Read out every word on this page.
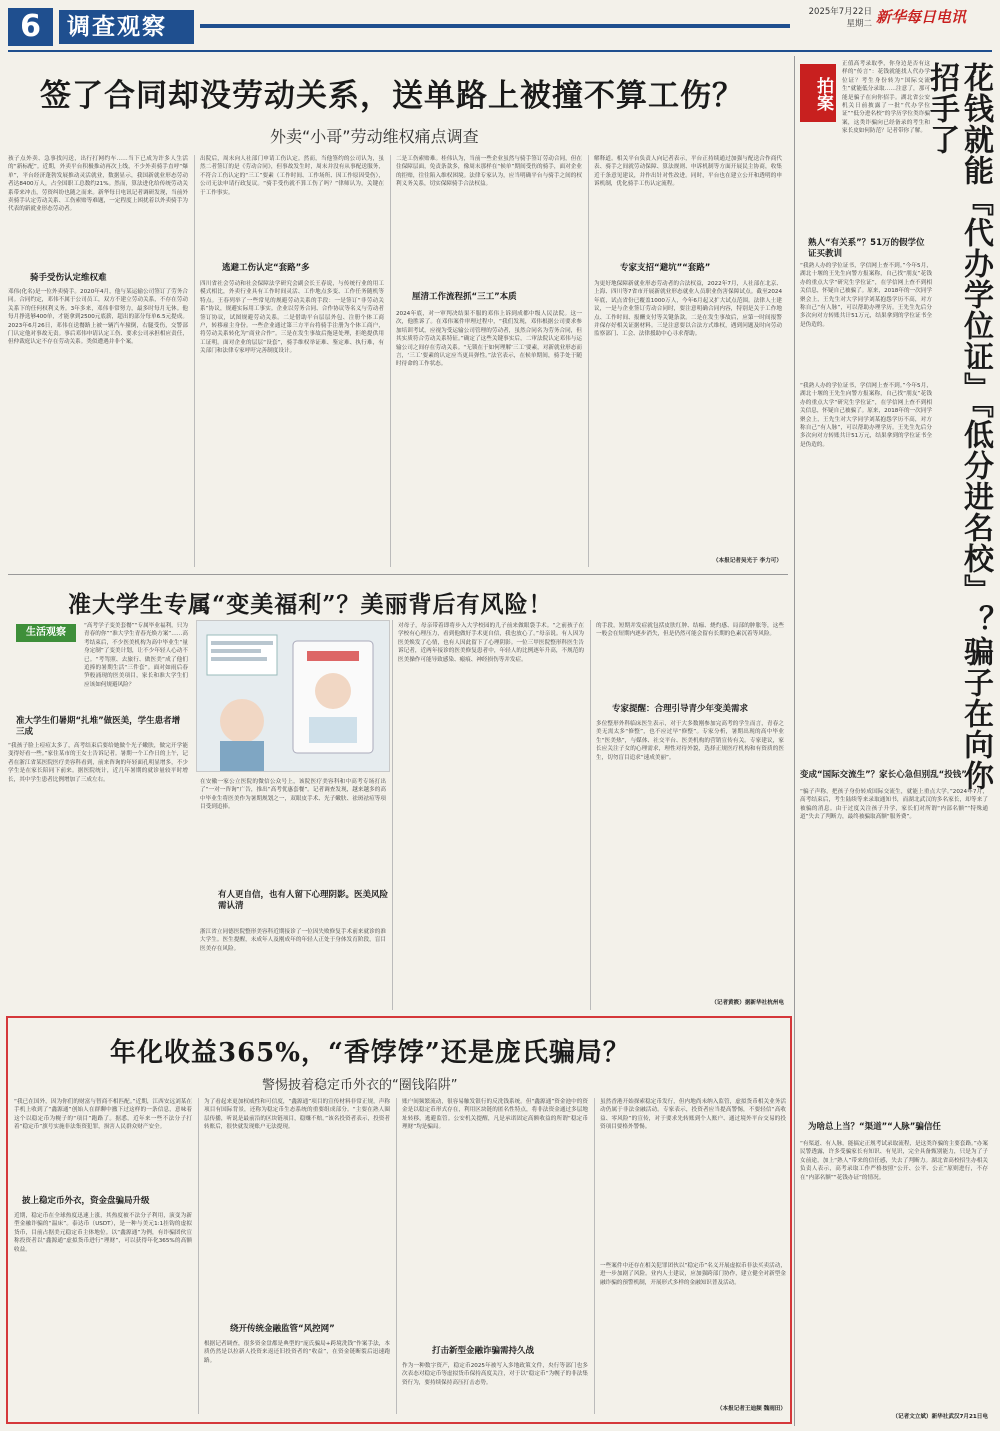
6	调查观察
2025年7月22日
星期二 新华每日电讯
签了合同却没劳动关系，送单路上被撞不算工伤？
外卖“小哥”劳动维权痛点调查
孩子点外卖、急事找闪送，出行打网约车……当下已成为许多人生活的“新标配”。近期，外卖平台积极推动再次上线，不少外卖骑手直呼“爆单”，平台经济蓬勃发展推动灵活就业，数据显示，我国新就业形态劳动者达8400万人，占全国职工总数约21%。然而，算法进化给传统劳动关系带来冲击，劳资纠纷也随之而来。新华每日电讯记者调研发现，当前外卖骑手认定劳动关系、工伤索赔等难题，一定程度上困扰着以外卖骑手为代表的新就业形态劳动者。
骑手受伤认定维权难
邓伟(化名)是一位外卖骑手。2020年4月，他与某运输公司签订了劳务合同。合同约定，邓伟不属于公司员工，双方不建立劳动关系，不存在劳动关系下的任何权利义务。3年多来，邓伟非常努力，最多时每月无休。他每月挣选够400单，才能拿到2500元底薪，超出的部分每单6.5元提成。2023年6月26日，邓伟在送餐路上被一辆汽车撞倒，右腿受伤，交警部门认定他对事故无责。事后邓伟申请认定工伤、要求公司承担相应责任，但仲裁庭认定不存在劳动关系。类似遭遇并非个案。
出院后，周末向人社部门申请工伤认定。然而，当他签约的公司认为，虽然二者签订的是《劳动合同》，但事故发生时，周末并没有从事配送服务，不符合工伤认定的“三工”要素（工作时间、工作场所、因工作原因受伤），公司无法申请行政复议。“骑手受伤就不算工伤了吗？”律师认为，关键在于工作事实。
逃避工伤认定“套路”多
四川省社会劳动和社会保障法学研究会副会长王春说，与传统行业的用工模式相比，外卖行业具有工作时间灵活、工作地点多变、工作任务随机等特点。王春列举了一些常见的规避劳动关系的手段：一是签订“非劳动关系”协议，规避实际用工事实。企业以劳务合同、合作协议等名义与劳动者签订协议，试图规避劳动关系。二是借助平台层层外包、注册个体工商户，转移雇主身份。一些企业通过第三方平台将骑手注册为个体工商户，将劳动关系转化为“商业合作”。三是在发生事故后拖延处理，拒绝提供用工证明。面对企业的层层“设套”，骑手维权举证难、鉴定难、执行难，有关部门和法律专家呼吁完善制度设计。
二是工伤索赔难。桂伟认为，当前一些企业虽然与骑手签订劳动合同，但在住保障层面，免责条款多，像周末那样在“候单”期间受伤的骑手，面对企业的拒赔，往往陷入维权困境。法律专家认为，应当明确平台与骑手之间的权利义务关系，切实保障骑手合法权益。
厘清工作流程抓“三工”本质
2024年底，对一审判决结果不服的邓伟上诉到成都中级人民法院。这一次，他胜诉了。在邓伟案件审理过程中，“我们发现，邓伟根据公司要求参加培训考试，应视为受运输公司管理的劳动者，虽然合同名为劳务合同，但其实质符合劳动关系特征。”确定了这些关键事实后，二审法院认定邓伟与运输公司之间存在劳动关系。“无锁在于如何理解‘三工’要素，对新就业形态而言，‘三工’要素的认定应当更具弹性。”法官表示，在候单期间，骑手处于随时待命的工作状态。
解释道。相关平台负责人向记者表示，平台正持续通过加强与配送合作商代表、骑手之间就劳动保障、算法规则、申诉机制等方面开展民主协商，收集近千条意见建议，并作出针对性改进。同时，平台也在建立公开和透明的申诉机制，优化骑手工伤认定流程。
专家支招“避坑”“套路”
为更好地保障新就业形态劳动者的合法权益，2022年7月，人社部在北京、上海、四川等7省市开展新就业形态就业人员职业伤害保障试点。截至2024年底，试点省份已覆盖1000万人，今年6月起又扩大试点范围。法律人士建议，一是与企业签订劳动合同时，要注意明确合同内容，特别是关于工作地点、工作时间、报酬支付等关键条款。二是在发生事故后，应第一时间报警并保存好相关证据材料。三是注意要以合法方式维权，遇到问题及时向劳动监察部门、工会、法律援助中心寻求帮助。
（本报记者吴光于 李力可）
准大学生专属“变美福利”？美丽背后有风险！
生活观察
“高考学子变美套餐”“专属毕业福利，只为青春的你”“准大学生青春光焕方案”……高考结束后，不少医美机构为高中毕业生“量身定制”了变美计划，让不少年轻人心动不已。“考驾照、去旅行、做医美”成了他们追捧的暑期生活“三件套”。面对如雨后春笋般涌现的医美项目，家长和准大学生们应该如何规避风险？
准大学生们暑期“扎堆”做医美，学生患者增三成
“我孩子脸上痘痘太多了，高考结束后要给她做个光子嫩肤，做完开学能变得好看一些。”家住某市的王女士告诉记者。暑期一个工作日的上午，记者在浙江省某医院医疗美容科看到，前来咨询的年轻面孔明显增多，不少学生是在家长陪同下前来。据医院统计，近几年暑期的就诊量较平时增长，其中学生患者比例增加了三成左右。	在安徽一家公立医院的微信公众号上，该院医疗美容科和中高考专场打出了“一对一咨询”广告，推出“高考优惠套餐”。记者调查发现，越来越多的高中毕业生将医美作为暑期规划之一，双眼皮手术、光子嫩肤、祛斑祛痘等项目受到追捧。
有人更自信，也有人留下心理阴影。医美风险需认清
浙江省立同德医院整形美容科近期接诊了一位因失败修复手术前来就诊的准大学生。医生提醒，未成年人及刚成年的年轻人正处于身体发育阶段，盲目医美存在风险。
对母子，母亲带着即将步入大学校园的儿子前来做眼袋手术。“之前孩子在学校有心理压力，看到他做好手术更自信，我也放心了。”母亲说。有人因为医美焕发了心情，也有人因此留下了心理阴影。一位三甲医院整形科医生告诉记者，近两年接诊的医美修复患者中，年轻人的比例逐年升高，不规范的医美操作可能导致感染、瘢痕、神经损伤等并发症。
的手段，短期并发症就包括皮肤红肿、结痂、烧灼感、局部的肿胀等，这些一般会在短期内逐步消失，但是仍然可能会留有长期的色素沉着等风险。
专家提醒：合理引导青少年变美需求
多位整形外科临床医生表示，对于大多数刚参加完高考的学生而言，青春之美无需太多“修整”，也不应过早“修整”。专家分析，暑期出现的高中毕业生“医美热”，与媒体、社交平台、医美机构的营销宣传有关。专家建议，家长应关注子女的心理需求，理性对待外貌，选择正规医疗机构和有资质的医生，切勿盲目追求“速成美丽”。
（记者黄筱）据新华社杭州电
年化收益365%，“香饽饽”还是庞氏骗局？
警惕披着稳定币外衣的“圈钱陷阱”
“我已在国外，因为你们的财富与智商不相匹配。”近期，江西安远刘某在手机上收到了“鑫源通”创始人在群聊中撤下过这样的一条信息，意味着这个以稳定币为幌子的“项目”跑路了。据悉，近年来一些不法分子打着“稳定币”旗号实施非法集资犯罪，损害人民群众财产安全。
披上稳定币外衣，资金盘骗局升级
近期，稳定币在全球热度迅速上涨，其热度被不法分子利用，演变为新型金融诈骗的“温床”。泰达币（USDT），是一种与美元1:1挂钩的虚拟货币，目前占据美元稳定币主体地位。以“鑫源通”为例，有诈骗团伙宣称投资者以“鑫源通”虚拟货币进行“理财”，可以获得年化365%的高额收益。
为了看起来更加权威性和可信度，“鑫源通”项目的宣传材料非常正规，声称项目有国际背景，还称为稳定币生态系统的重要组成部分。“主要在熟人圈层传播，听说是最前沿的区块链项目，稳赚不赔。”该名投资者表示，投资者转账后，很快就发现账户无法提现。
绕开传统金融监管“风控网”
根据记者调查，很多资金盘都是典型的“庞氏骗局+跨境洗钱”作案手法，本质仍然是以拉新人投资来返还旧投资者的“收益”，在资金链断裂后迅速跑路。
账户间频繁流动，很容易触发银行的反洗钱系统。但“鑫源通”资金池中的资金是以稳定币形式存在，利用区块链的匿名性特点，将非法资金通过多层地址转移，逃避监管。公安机关提醒，凡是承诺固定高额收益的所谓“稳定币理财”均是骗局。
打击新型金融诈骗需持久战
作为一种数字资产，稳定币2025年被写入多地政策文件，央行等部门也多次表态对稳定币等虚拟货币保持高度关注，对于以“稳定币”为幌子的非法集资行为，要持续保持高压打击态势。
虽然香港开始探索稳定币发行，但内地尚未纳入监管，虚拟货币相关业务活动仍属于非法金融活动。专家表示，投资者应当提高警惕，不要轻信“高收益、零风险”的宣传，对于要求先转账到个人账户、通过境外平台交易的投资项目要格外警惕。
一些案件中还存在相关犯罪团伙以“稳定币”名义开展虚拟币非法买卖活动，进一步加剧了风险。业内人士建议，应加强跨部门协作，建立健全对新型金融诈骗的预警机制，开展形式多样的金融知识普及活动。
（本报记者王迪频 魏雨田）
拍案
正值高考录取季，你身边是否有这样的“传言”：花钱就能找人代办学位证？考生身份转为“国际交流生”就能低分录取……注意了，那可能是骗子在向你招手。湖北省公安机关日前披露了一批“代办学位证”“低分进名校”的学历学位类诈骗案，这类诈骗向已经备录的考生和家长皮如何防范？记者带你了解。	花钱就能『代办学位证』『低分进名校』？骗子在向你招手了
熟人“有关系”？51万的假学位证买教训
“我熟人办的学位证书，学信网上查不到。”今年5月，湖北十堰的王先生向警方报案称，自己找“朋友”花钱办的重点大学“研究生学位证”，在学信网上查不到相关信息，怀疑自己被骗了。原来，2018年的一次同学聚会上，王先生对大学同学刘某抱怨学历不高，对方称自己“有人脉”，可以帮助办理学历。王先生先后分多次向对方转账共计51万元，结果拿到的学位证书全是伪造的。
“我熟人办的学位证书，学信网上查不到。”今年5月，湖北十堰的王先生向警方报案称，自己找“朋友”花钱办的重点大学“研究生学位证”，在学信网上查不到相关信息，怀疑自己被骗了。原来，2018年的一次同学聚会上，王先生对大学同学刘某抱怨学历不高，对方称自己“有人脉”，可以帮助办理学历。王先生先后分多次向对方转账共计51万元，结果拿到的学位证书全是伪造的。
变成“国际交流生”？家长心急但别乱“投钱”
“骗子声称，把孩子身份转成国际交流生，就能上重点大学。”2024年7月，高考结束后，考生陆续等来录取通知书，而湖北武汉的多名家长，却等来了被骗的消息。由于过度关注孩子升学，家长们对所谓“内部名额”“特殊通道”失去了判断力，最终被骗取高额“服务费”。
为啥总上当？“渠道”“人脉”骗信任
“有渠道、有人脉，能搞定正规考试录取流程，是这类诈骗的主要套路。”办案民警透露，许多受骗家长有知识、有见识，完全具备甄别能力，只是为了子女前途，加上“熟人”带来的信任感，失去了判断力。湖北省高校招生办相关负责人表示，高考录取工作严格按照“公开、公平、公正”原则进行，不存在“内部名额”“花钱办证”的情况。
（记者文立斌）新华社武汉7月21日电
